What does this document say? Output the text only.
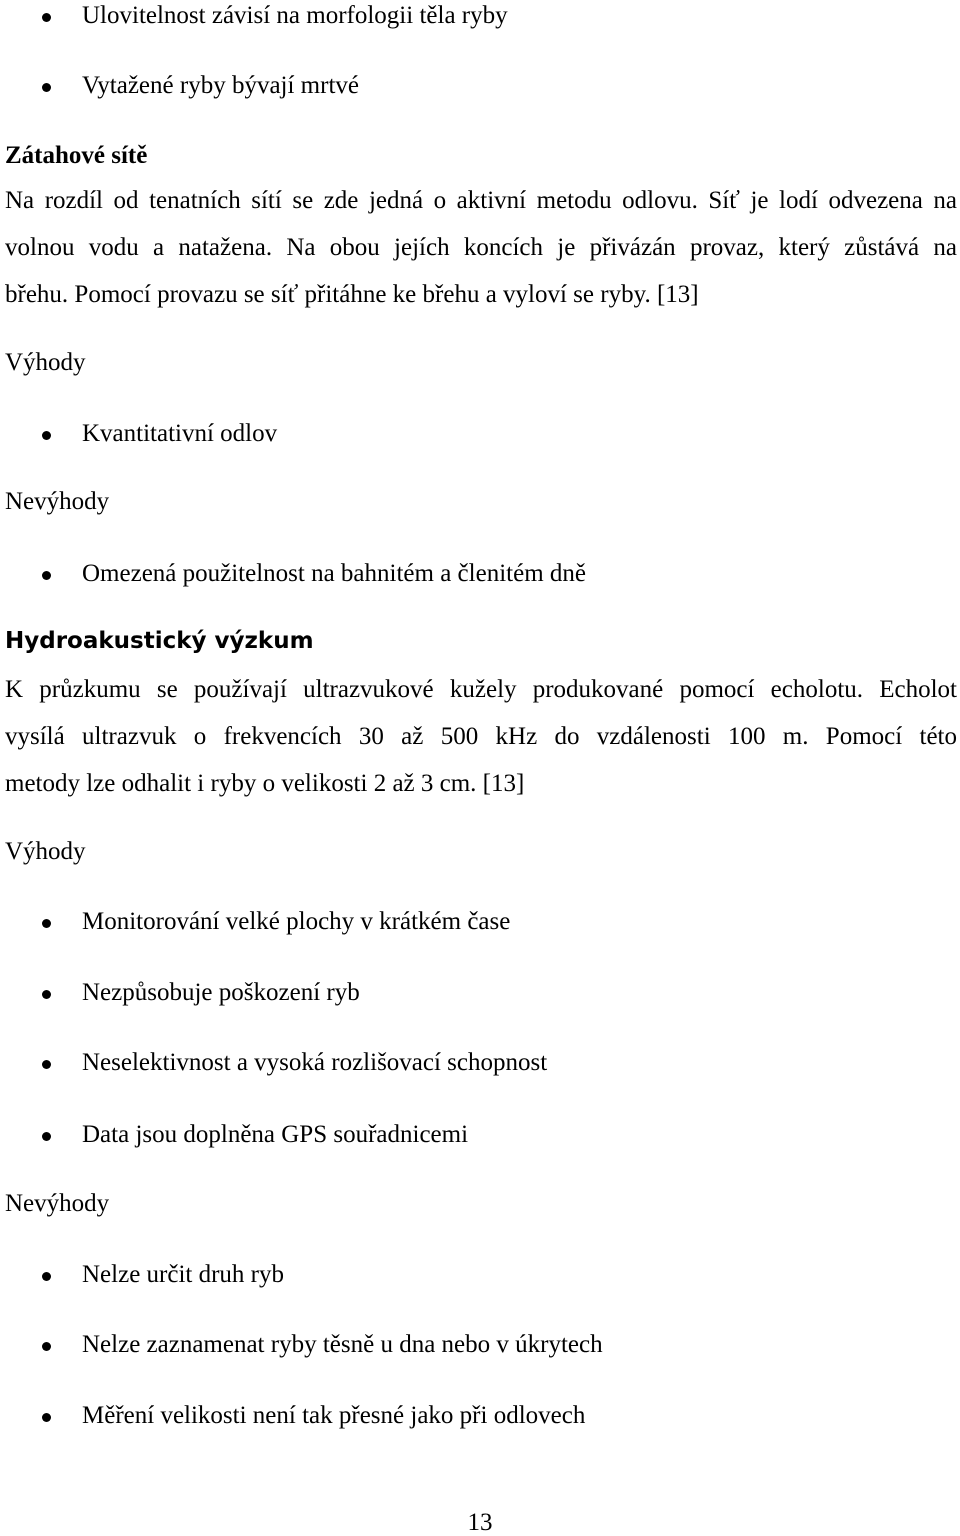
Ulovitelnost závisí na morfologii těla ryby
Vytažené ryby bývají mrtvé
Zátahové sítě
Na rozdíl od tenatních sítí se zde jedná o aktivní metodu odlovu. Síť je lodí odvezena na
volnou vodu a natažena. Na obou jejích koncích je přivázán provaz, který zůstává na
břehu. Pomocí provazu se síť přitáhne ke břehu a vyloví se ryby. [13]
Výhody
Kvantitativní odlov
Nevýhody
Omezená použitelnost na bahnitém a členitém dně
Hydroakustický výzkum
K průzkumu se používají ultrazvukové kužely produkované pomocí echolotu. Echolot
vysílá ultrazvuk o frekvencích 30 až 500 kHz do vzdálenosti 100 m. Pomocí této
metody lze odhalit i ryby o velikosti 2 až 3 cm. [13]
Výhody
Monitorování velké plochy v krátkém čase
Nezpůsobuje poškození ryb
Neselektivnost a vysoká rozlišovací schopnost
Data jsou doplněna GPS souřadnicemi
Nevýhody
Nelze určit druh ryb
Nelze zaznamenat ryby těsně u dna nebo v úkrytech
Měření velikosti není tak přesné jako při odlovech
13
